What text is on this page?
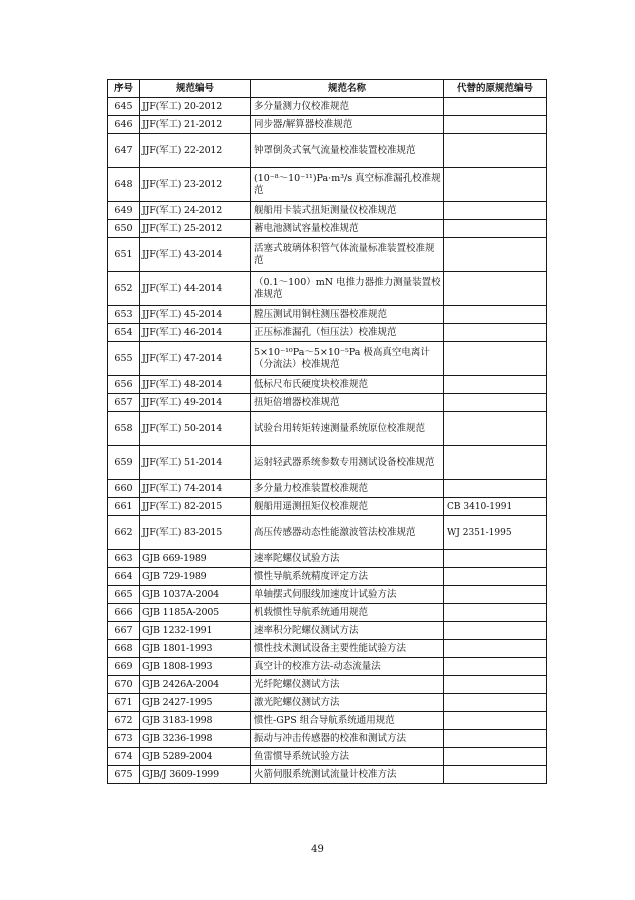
序号	规范编号	规范名称	代替的原规范编号
645	JJF(军工) 20-2012	多分量测力仪校准规范	
646	JJF(军工) 21-2012	同步器/解算器校准规范	
647	JJF(军工) 22-2012	钟罩倒灸式氧气流量校准装置校准规范	
648	JJF(军工) 23-2012	(10⁻⁸～10⁻¹¹)Pa·m³/s 真空标准漏孔校准规范	
649	JJF(军工) 24-2012	舰船用卡装式扭矩测量仪校准规范	
650	JJF(军工) 25-2012	蓄电池测试容量校准规范	
651	JJF(军工) 43-2014	活塞式玻璃体积管气体流量标准装置校准规范	
652	JJF(军工) 44-2014	（0.1～100）mN 电推力器推力测量装置校准规范	
653	JJF(军工) 45-2014	膛压测试用铜柱测压器校准规范	
654	JJF(军工) 46-2014	正压标准漏孔（恒压法）校准规范	
655	JJF(军工) 47-2014	5×10⁻¹⁰Pa～5×10⁻⁵Pa 极高真空电离计（分流法）校准规范	
656	JJF(军工) 48-2014	低标尺布氏硬度块校准规范	
657	JJF(军工) 49-2014	扭矩倍增器校准规范	
658	JJF(军工) 50-2014	试验台用转矩转速测量系统原位校准规范	
659	JJF(军工) 51-2014	运射轻武器系统参数专用测试设备校准规范	
660	JJF(军工) 74-2014	多分量力校准装置校准规范	
661	JJF(军工) 82-2015	舰船用遥测扭矩仪校准规范	CB 3410-1991
662	JJF(军工) 83-2015	高压传感器动态性能激波管法校准规范	WJ 2351-1995
663	GJB 669-1989	速率陀螺仪试验方法	
664	GJB 729-1989	惯性导航系统精度评定方法	
665	GJB 1037A-2004	单轴摆式伺服线加速度计试验方法	
666	GJB 1185A-2005	机载惯性导航系统通用规范	
667	GJB 1232-1991	速率积分陀螺仪测试方法	
668	GJB 1801-1993	惯性技术测试设备主要性能试验方法	
669	GJB 1808-1993	真空计的校准方法-动态流量法	
670	GJB 2426A-2004	光纤陀螺仪测试方法	
671	GJB 2427-1995	激光陀螺仪测试方法	
672	GJB 3183-1998	惯性-GPS 组合导航系统通用规范	
673	GJB 3236-1998	振动与冲击传感器的校准和测试方法	
674	GJB 5289-2004	鱼雷惯导系统试验方法	
675	GJB/J 3609-1999	火箭伺服系统测试流量计校准方法	
49
